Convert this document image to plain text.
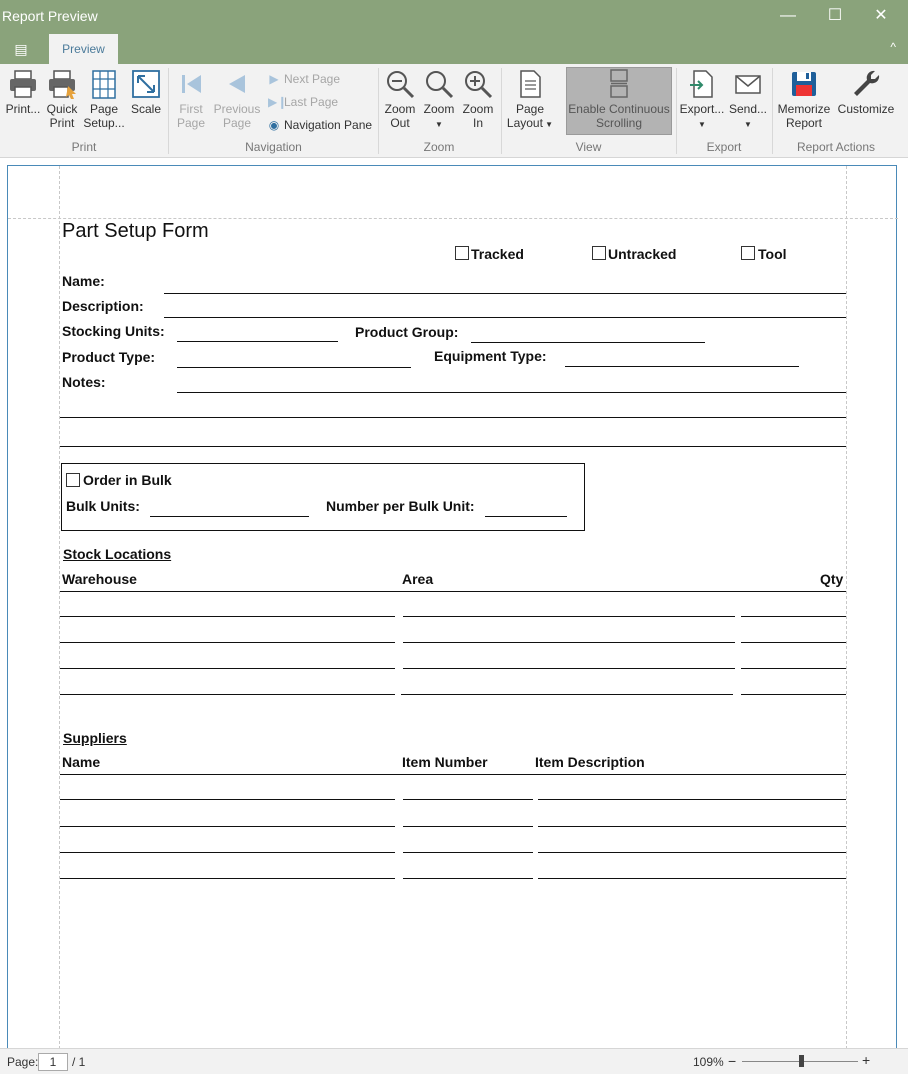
Report Preview	—	☐	✕
▤	Preview	^
Print... Quick
Print
Page
Setup...
Scale
Print
First
Page
Previous
Page
▶ Next Page
▶❙Last Page
◉ Navigation Pane
Navigation
Zoom
Out
Zoom
▼
Zoom
In
Zoom
Page
Layout ▼
Enable Continuous
Scrolling
View
Export...
▼
Send...
▼
Export
Memorize
Report
Customize
Report Actions
Part Setup Form
Tracked	Untracked	Tool
Name:
Description:
Stocking Units:	Product Group:
Product Type:	Equipment Type:
Notes:
Order in Bulk
Bulk Units:	Number per Bulk Unit:
Stock Locations
Warehouse	Area	Qty
Suppliers
Name	Item Number	Item Description
Page: 1	/ 1	109% −	+
